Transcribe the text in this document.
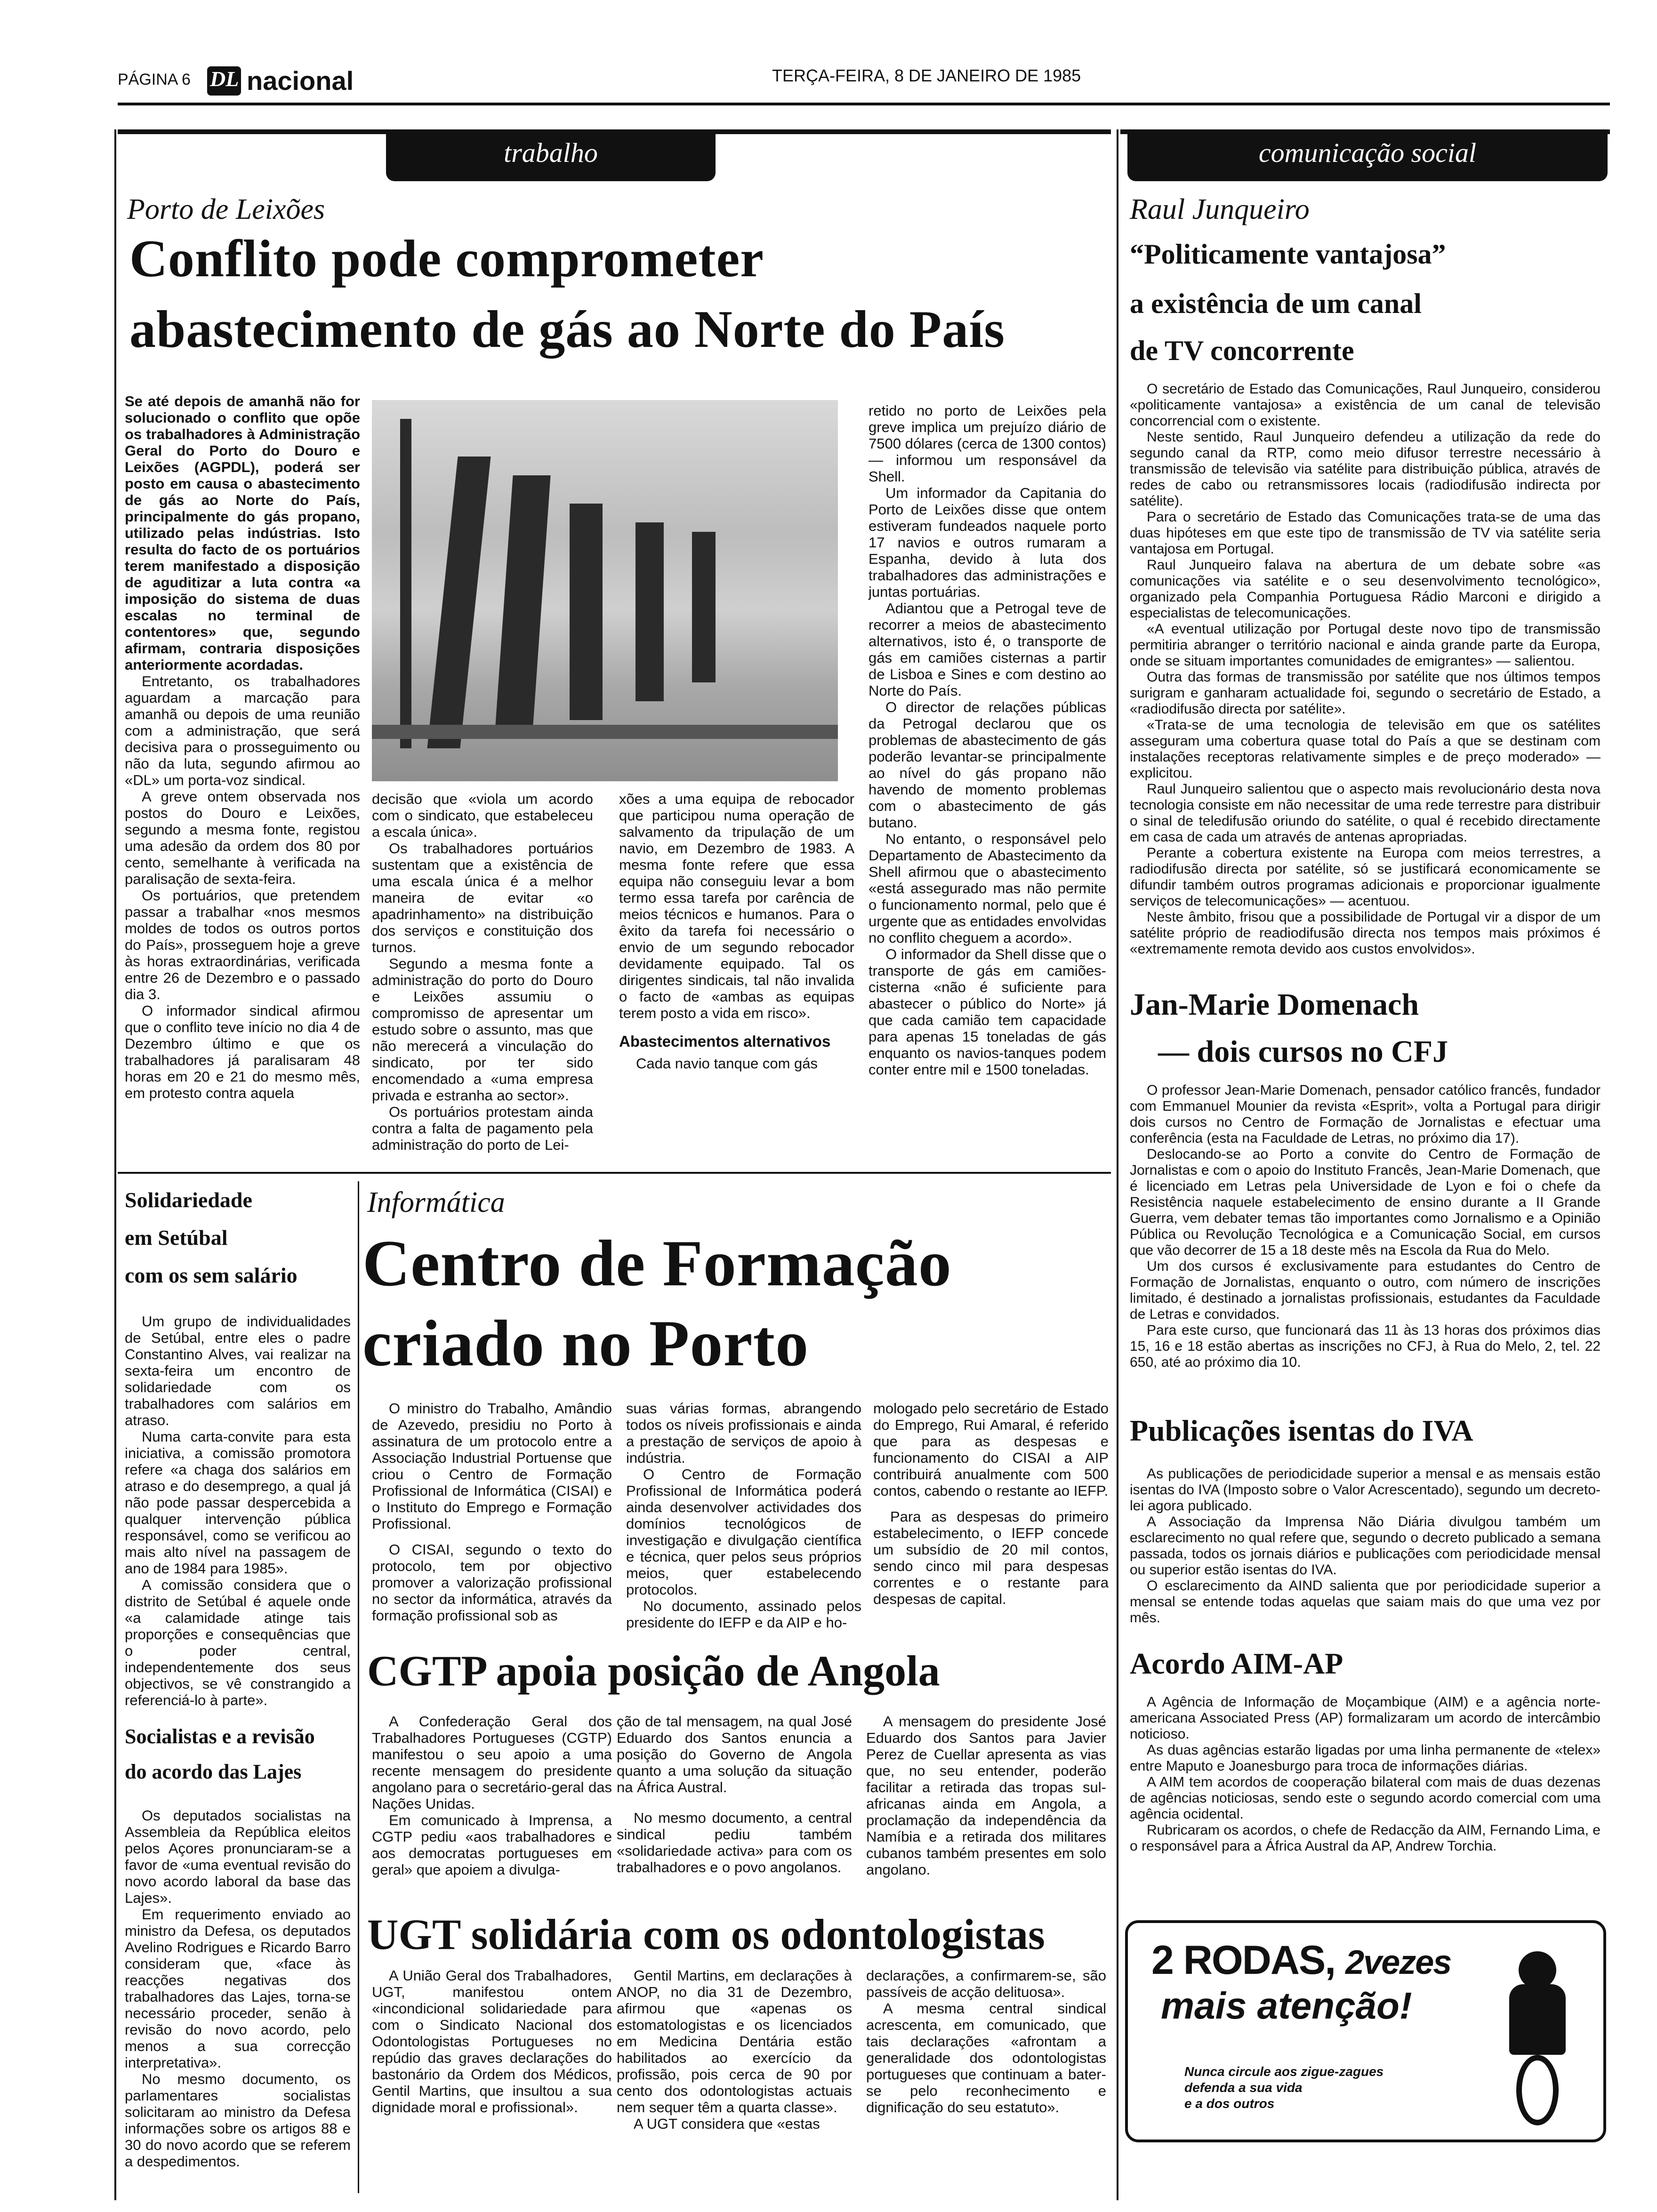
PÁGINA 6 DL nacional	TERÇA-FEIRA, 8 DE JANEIRO DE 1985
trabalho	comunicação social
Porto de Leixões
Conflito pode comprometer
abastecimento de gás ao Norte do País

Se até depois de amanhã não for solucionado o conflito que opõe os trabalhadores à Administração Geral do Porto do Douro e Leixões (AGPDL), poderá ser posto em causa o abastecimento de gás ao Norte do País, principalmente do gás propano, utilizado pelas indústrias. Isto resulta do facto de os portuários terem manifestado a disposição de aguditizar a luta contra «a imposição do sistema de duas escalas no terminal de contentores» que, segundo afirmam, contraria disposições anteriormente acordadas.

Entretanto, os trabalhadores aguardam a marcação para amanhã ou depois de uma reunião com a administração, que será decisiva para o prosseguimento ou não da luta, segundo afirmou ao «DL» um porta-voz sindical.

A greve ontem observada nos postos do Douro e Leixões, segundo a mesma fonte, registou uma adesão da ordem dos 80 por cento, semelhante à verificada na paralisação de sexta-feira.

Os portuários, que pretendem passar a trabalhar «nos mesmos moldes de todos os outros portos do País», prosseguem hoje a greve às horas extraordinárias, verificada entre 26 de Dezembro e o passado dia 3.

O informador sindical afirmou que o conflito teve início no dia 4 de Dezembro último e que os trabalhadores já paralisaram 48 horas em 20 e 21 do mesmo mês, em protesto contra aquela

decisão que «viola um acordo com o sindicato, que estabeleceu a escala única».

Os trabalhadores portuários sustentam que a existência de uma escala única é a melhor maneira de evitar «o apadrinhamento» na distribuição dos serviços e constituição dos turnos.

Segundo a mesma fonte a administração do porto do Douro e Leixões assumiu o compromisso de apresentar um estudo sobre o assunto, mas que não merecerá a vinculação do sindicato, por ter sido encomendado a «uma empresa privada e estranha ao sector».

Os portuários protestam ainda contra a falta de pagamento pela administração do porto de Lei-

xões a uma equipa de rebocador que participou numa operação de salvamento da tripulação de um navio, em Dezembro de 1983. A mesma fonte refere que essa equipa não conseguiu levar a bom termo essa tarefa por carência de meios técnicos e humanos. Para o êxito da tarefa foi necessário o envio de um segundo rebocador devidamente equipado. Tal os dirigentes sindicais, tal não invalida o facto de «ambas as equipas terem posto a vida em risco».

Abastecimentos alternativos

Cada navio tanque com gás

retido no porto de Leixões pela greve implica um prejuízo diário de 7500 dólares (cerca de 1300 contos) — informou um responsável da Shell.

Um informador da Capitania do Porto de Leixões disse que ontem estiveram fundeados naquele porto 17 navios e outros rumaram a Espanha, devido à luta dos trabalhadores das administrações e juntas portuárias.

Adiantou que a Petrogal teve de recorrer a meios de abastecimento alternativos, isto é, o transporte de gás em camiões cisternas a partir de Lisboa e Sines e com destino ao Norte do País.

O director de relações públicas da Petrogal declarou que os problemas de abastecimento de gás poderão levantar-se principalmente ao nível do gás propano não havendo de momento problemas com o abastecimento de gás butano.

No entanto, o responsável pelo Departamento de Abastecimento da Shell afirmou que o abastecimento «está assegurado mas não permite o funcionamento normal, pelo que é urgente que as entidades envolvidas no conflito cheguem a acordo».

O informador da Shell disse que o transporte de gás em camiões-cisterna «não é suficiente para abastecer o público do Norte» já que cada camião tem capacidade para apenas 15 toneladas de gás enquanto os navios-tanques podem conter entre mil e 1500 toneladas.

Solidariedade
em Setúbal
com os sem salário

Um grupo de individualidades de Setúbal, entre eles o padre Constantino Alves, vai realizar na sexta-feira um encontro de solidariedade com os trabalhadores com salários em atraso.

Numa carta-convite para esta iniciativa, a comissão promotora refere «a chaga dos salários em atraso e do desemprego, a qual já não pode passar despercebida a qualquer intervenção pública responsável, como se verificou ao mais alto nível na passagem de ano de 1984 para 1985».

A comissão considera que o distrito de Setúbal é aquele onde «a calamidade atinge tais proporções e consequências que o poder central, independentemente dos seus objectivos, se vê constrangido a referenciá-lo à parte».

Socialistas e a revisão
do acordo das Lajes

Os deputados socialistas na Assembleia da República eleitos pelos Açores pronunciaram-se a favor de «uma eventual revisão do novo acordo laboral da base das Lajes».

Em requerimento enviado ao ministro da Defesa, os deputados Avelino Rodrigues e Ricardo Barro consideram que, «face às reacções negativas dos trabalhadores das Lajes, torna-se necessário proceder, senão à revisão do novo acordo, pelo menos a sua correcção interpretativa».

No mesmo documento, os parlamentares socialistas solicitaram ao ministro da Defesa informações sobre os artigos 88 e 30 do novo acordo que se referem a despedimentos.

Informática
Centro de Formação
criado no Porto

O ministro do Trabalho, Amândio de Azevedo, presidiu no Porto à assinatura de um protocolo entre a Associação Industrial Portuense que criou o Centro de Formação Profissional de Informática (CISAI) e o Instituto do Emprego e Formação Profissional.

O CISAI, segundo o texto do protocolo, tem por objectivo promover a valorização profissional no sector da informática, através da formação profissional sob as

suas várias formas, abrangendo todos os níveis profissionais e ainda a prestação de serviços de apoio à indústria.

O Centro de Formação Profissional de Informática poderá ainda desenvolver actividades dos domínios tecnológicos de investigação e divulgação científica e técnica, quer pelos seus próprios meios, quer estabelecendo protocolos.

No documento, assinado pelos presidente do IEFP e da AIP e ho-

mologado pelo secretário de Estado do Emprego, Rui Amaral, é referido que para as despesas e funcionamento do CISAI a AIP contribuirá anualmente com 500 contos, cabendo o restante ao IEFP.

Para as despesas do primeiro estabelecimento, o IEFP concede um subsídio de 20 mil contos, sendo cinco mil para despesas correntes e o restante para despesas de capital.

CGTP apoia posição de Angola

A Confederação Geral dos Trabalhadores Portugueses (CGTP) manifestou o seu apoio a uma recente mensagem do presidente angolano para o secretário-geral das Nações Unidas.

Em comunicado à Imprensa, a CGTP pediu «aos trabalhadores e aos democratas portugueses em geral» que apoiem a divulga-

ção de tal mensagem, na qual José Eduardo dos Santos enuncia a posição do Governo de Angola quanto a uma solução da situação na África Austral.

No mesmo documento, a central sindical pediu também «solidariedade activa» para com os trabalhadores e o povo angolanos.

A mensagem do presidente José Eduardo dos Santos para Javier Perez de Cuellar apresenta as vias que, no seu entender, poderão facilitar a retirada das tropas sul-africanas ainda em Angola, a proclamação da independência da Namíbia e a retirada dos militares cubanos também presentes em solo angolano.

UGT solidária com os odontologistas

A União Geral dos Trabalhadores, UGT, manifestou ontem «incondicional solidariedade para com o Sindicato Nacional dos Odontologistas Portugueses no repúdio das graves declarações do bastonário da Ordem dos Médicos, Gentil Martins, que insultou a sua dignidade moral e profissional».

Gentil Martins, em declarações à ANOP, no dia 31 de Dezembro, afirmou que «apenas os estomatologistas e os licenciados em Medicina Dentária estão habilitados ao exercício da profissão, pois cerca de 90 por cento dos odontologistas actuais nem sequer têm a quarta classe».

A UGT considera que «estas

declarações, a confirmarem-se, são passíveis de acção delituosa».

A mesma central sindical acrescenta, em comunicado, que tais declarações «afrontam a generalidade dos odontologistas portugueses que continuam a bater-se pelo reconhecimento e dignificação do seu estatuto».

Raul Junqueiro
“Politicamente vantajosa”
a existência de um canal
de TV concorrente

O secretário de Estado das Comunicações, Raul Junqueiro, considerou «politicamente vantajosa» a existência de um canal de televisão concorrencial com o existente.

Neste sentido, Raul Junqueiro defendeu a utilização da rede do segundo canal da RTP, como meio difusor terrestre necessário à transmissão de televisão via satélite para distribuição pública, através de redes de cabo ou retransmissores locais (radiodifusão indirecta por satélite).

Para o secretário de Estado das Comunicações trata-se de uma das duas hipóteses em que este tipo de transmissão de TV via satélite seria vantajosa em Portugal.

Raul Junqueiro falava na abertura de um debate sobre «as comunicações via satélite e o seu desenvolvimento tecnológico», organizado pela Companhia Portuguesa Rádio Marconi e dirigido a especialistas de telecomunicações.

«A eventual utilização por Portugal deste novo tipo de transmissão permitiria abranger o território nacional e ainda grande parte da Europa, onde se situam importantes comunidades de emigrantes» — salientou.

Outra das formas de transmissão por satélite que nos últimos tempos surigram e ganharam actualidade foi, segundo o secretário de Estado, a «radiodifusão directa por satélite».

«Trata-se de uma tecnologia de televisão em que os satélites asseguram uma cobertura quase total do País a que se destinam com instalações receptoras relativamente simples e de preço moderado» — explicitou.

Raul Junqueiro salientou que o aspecto mais revolucionário desta nova tecnologia consiste em não necessitar de uma rede terrestre para distribuir o sinal de teledifusão oriundo do satélite, o qual é recebido directamente em casa de cada um através de antenas apropriadas.

Perante a cobertura existente na Europa com meios terrestres, a radiodifusão directa por satélite, só se justificará economicamente se difundir também outros programas adicionais e proporcionar igualmente serviços de telecomunicações» — acentuou.

Neste âmbito, frisou que a possibilidade de Portugal vir a dispor de um satélite próprio de readiodifusão directa nos tempos mais próximos é «extremamente remota devido aos custos envolvidos».

Jan-Marie Domenach
— dois cursos no CFJ

O professor Jean-Marie Domenach, pensador católico francês, fundador com Emmanuel Mounier da revista «Esprit», volta a Portugal para dirigir dois cursos no Centro de Formação de Jornalistas e efectuar uma conferência (esta na Faculdade de Letras, no próximo dia 17).

Deslocando-se ao Porto a convite do Centro de Formação de Jornalistas e com o apoio do Instituto Francês, Jean-Marie Domenach, que é licenciado em Letras pela Universidade de Lyon e foi o chefe da Resistência naquele estabelecimento de ensino durante a II Grande Guerra, vem debater temas tão importantes como Jornalismo e a Opinião Pública ou Revolução Tecnológica e a Comunicação Social, em cursos que vão decorrer de 15 a 18 deste mês na Escola da Rua do Melo.

Um dos cursos é exclusivamente para estudantes do Centro de Formação de Jornalistas, enquanto o outro, com número de inscrições limitado, é destinado a jornalistas profissionais, estudantes da Faculdade de Letras e convidados.

Para este curso, que funcionará das 11 às 13 horas dos próximos dias 15, 16 e 18 estão abertas as inscrições no CFJ, à Rua do Melo, 2, tel. 22 650, até ao próximo dia 10.

Publicações isentas do IVA

As publicações de periodicidade superior a mensal e as mensais estão isentas do IVA (Imposto sobre o Valor Acrescentado), segundo um decreto-lei agora publicado.

A Associação da Imprensa Não Diária divulgou também um esclarecimento no qual refere que, segundo o decreto publicado a semana passada, todos os jornais diários e publicações com periodicidade mensal ou superior estão isentas do IVA.

O esclarecimento da AIND salienta que por periodicidade superior a mensal se entende todas aquelas que saiam mais do que uma vez por mês.

Acordo AIM-AP

A Agência de Informação de Moçambique (AIM) e a agência norte-americana Associated Press (AP) formalizaram um acordo de intercâmbio noticioso.

As duas agências estarão ligadas por uma linha permanente de «telex» entre Maputo e Joanesburgo para troca de informações diárias.

A AIM tem acordos de cooperação bilateral com mais de duas dezenas de agências noticiosas, sendo este o segundo acordo comercial com uma agência ocidental.

Rubricaram os acordos, o chefe de Redacção da AIM, Fernando Lima, e o responsável para a África Austral da AP, Andrew Torchia.

2 RODAS, 2vezes
mais atenção!
Nunca circule aos zigue-zagues
defenda a sua vida
e a dos outros
